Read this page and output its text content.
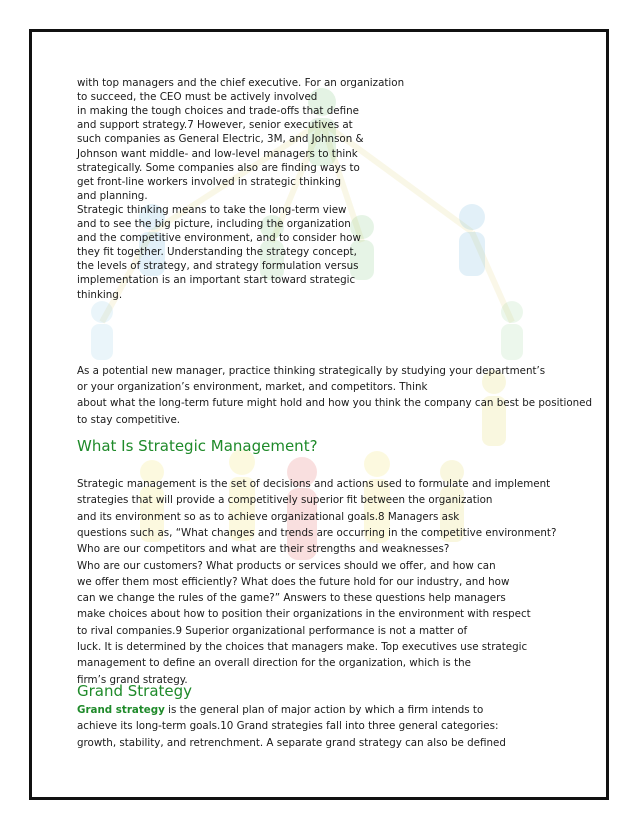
with top managers and the chief executive. For an organization
to succeed, the CEO must be actively involved
in making the tough choices and trade-offs that define
and support strategy.7 However, senior executives at
such companies as General Electric, 3M, and Johnson &
Johnson want middle- and low-level managers to think
strategically. Some companies also are finding ways to
get front-line workers involved in strategic thinking
and planning.
Strategic thinking means to take the long-term view
and to see the big picture, including the organization
and the competitive environment, and to consider how
they fit together. Understanding the strategy concept,
the levels of strategy, and strategy formulation versus
implementation is an important start toward strategic
thinking.
As a potential new manager, practice thinking strategically by studying your department’s
or your organization’s environment, market, and competitors. Think
about what the long-term future might hold and how you think the company can best be positioned
to stay competitive.
What Is Strategic Management?
Strategic management is the set of decisions and actions used to formulate and implement
strategies that will provide a competitively superior fit between the organization
and its environment so as to achieve organizational goals.8 Managers ask
questions such as, “What changes and trends are occurring in the competitive environment?
Who are our competitors and what are their strengths and weaknesses?
Who are our customers? What products or services should we offer, and how can
we offer them most efficiently? What does the future hold for our industry, and how
can we change the rules of the game?” Answers to these questions help managers
make choices about how to position their organizations in the environment with respect
to rival companies.9 Superior organizational performance is not a matter of
luck. It is determined by the choices that managers make. Top executives use strategic
management to define an overall direction for the organization, which is the
firm’s grand strategy.
Grand Strategy
Grand strategy is the general plan of major action by which a firm intends to
achieve its long-term goals.10 Grand strategies fall into three general categories:
growth, stability, and retrenchment. A separate grand strategy can also be defined
